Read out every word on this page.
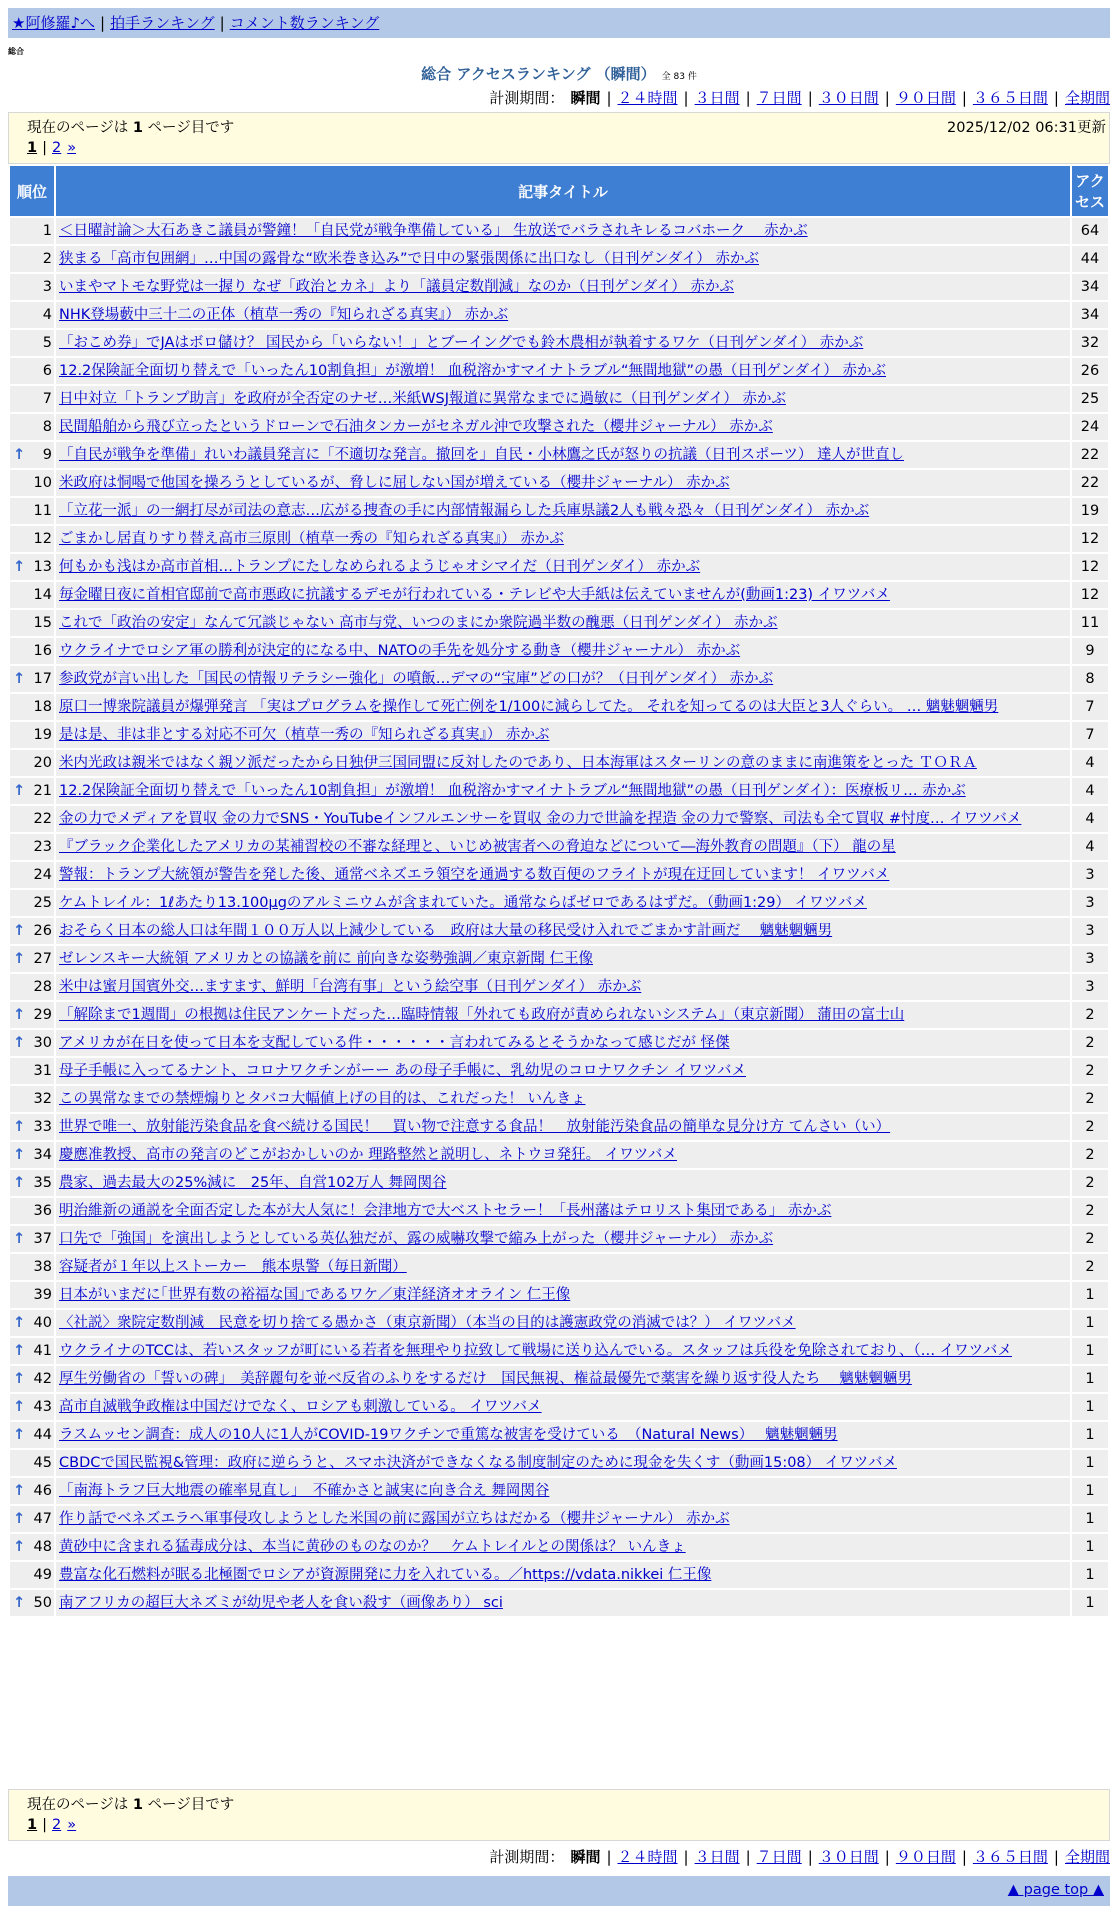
★阿修羅♪へ | 拍手ランキング | コメント数ランキング
総合
総合 アクセスランキング （瞬間） 全 83 件
計測期間： 瞬間 | ２４時間 | ３日間 | ７日間 | ３０日間 | ９０日間 | ３６５日間 | 全期間
現在のページは 1 ページ目です	2025/12/02 06:31更新
1 | 2 »
順位	記事タイトル	アクセス
1	＜日曜討論＞大石あきこ議員が警鐘！「自民党が戦争準備している」 生放送でバラされキレるコバホーク　 赤かぶ	64
2	狭まる「高市包囲網」…中国の露骨な“欧米巻き込み”で日中の緊張関係に出口なし（日刊ゲンダイ） 赤かぶ	44
3	いまやマトモな野党は一握り なぜ「政治とカネ」より「議員定数削減」なのか（日刊ゲンダイ） 赤かぶ	34
4	NHK登場藪中三十二の正体（植草一秀の『知られざる真実』） 赤かぶ	34
5	「おこめ券」でJAはボロ儲け？ 国民から「いらない！」とブーイングでも鈴木農相が執着するワケ（日刊ゲンダイ） 赤かぶ	32
6	12.2保険証全面切り替えで「いったん10割負担」が激増！ 血税溶かすマイナトラブル“無間地獄”の愚（日刊ゲンダイ） 赤かぶ	26
7	日中対立「トランプ助言」を政府が全否定のナゼ…米紙WSJ報道に異常なまでに過敏に（日刊ゲンダイ） 赤かぶ	25
8	民間船舶から飛び立ったというドローンで石油タンカーがセネガル沖で攻撃された（櫻井ジャーナル） 赤かぶ	24

↑ 9	「自民が戦争を準備」れいわ議員発言に「不適切な発言。撤回を」自民・小林鷹之氏が怒りの抗議（日刊スポーツ） 達人が世直し	22
10	米政府は恫喝で他国を操ろうとしているが、脅しに屈しない国が増えている（櫻井ジャーナル） 赤かぶ	22
11	「立花一派」の一網打尽が司法の意志…広がる捜査の手に内部情報漏らした兵庫県議2人も戦々恐々（日刊ゲンダイ） 赤かぶ	19
12	ごまかし居直りすり替え高市三原則（植草一秀の『知られざる真実』） 赤かぶ	12

↑ 13	何もかも浅はか高市首相…トランプにたしなめられるようじゃオシマイだ（日刊ゲンダイ） 赤かぶ	12
14	毎金曜日夜に首相官邸前で高市悪政に抗議するデモが行われている・テレビや大手紙は伝えていませんが(動画1:23) イワツバメ	12
15	これで「政治の安定」なんて冗談じゃない 高市与党、いつのまにか衆院過半数の醜悪（日刊ゲンダイ） 赤かぶ	11
16	ウクライナでロシア軍の勝利が決定的になる中、NATOの手先を処分する動き（櫻井ジャーナル） 赤かぶ	9

↑ 17	参政党が言い出した「国民の情報リテラシー強化」の噴飯…デマの“宝庫”どの口が？（日刊ゲンダイ） 赤かぶ	8
18	原口一博衆院議員が爆弾発言 「実はプログラムを操作して死亡例を1/100に減らしてた。 それを知ってるのは大臣と3人ぐらい。 … 魑魅魍魎男	7
19	是は是、非は非とする対応不可欠（植草一秀の『知られざる真実』） 赤かぶ	7
20	米内光政は親米ではなく親ソ派だったから日独伊三国同盟に反対したのであり、日本海軍はスターリンの意のままに南進策をとった ＴＯＲＡ	4

↑ 21	12.2保険証全面切り替えで「いったん10割負担」が激増！ 血税溶かすマイナトラブル“無間地獄”の愚（日刊ゲンダイ）：医療板リ… 赤かぶ	4
22	金の力でメディアを買収 金の力でSNS・YouTubeインフルエンサーを買収 金の力で世論を捏造 金の力で警察、司法も全て買収 #忖度… イワツバメ	4
23	『ブラック企業化したアメリカの某補習校の不審な経理と、いじめ被害者への脅迫などについて―海外教育の問題』（下） 龍の星	4
24	警報：トランプ大統領が警告を発した後、通常ベネズエラ領空を通過する数百便のフライトが現在迂回しています！ イワツバメ	3
25	ケムトレイル：1ℓあたり13.100μgのアルミニウムが含まれていた。通常ならばゼロであるはずだ。（動画1:29） イワツバメ	3

↑ 26	おそらく日本の総人口は年間１００万人以上減少している　政府は大量の移民受け入れでごまかす計画だ　 魑魅魍魎男	3

↑ 27	ゼレンスキー大統領 アメリカとの協議を前に 前向きな姿勢強調／東京新聞 仁王像	3
28	米中は蜜月国賓外交…ますます、鮮明「台湾有事」という絵空事（日刊ゲンダイ） 赤かぶ	3

↑ 29	「解除まで1週間」の根拠は住民アンケートだった…臨時情報「外れても政府が責められないシステム」（東京新聞） 蒲田の富士山	2

↑ 30	アメリカが在日を使って日本を支配している件・・・・・・言われてみるとそうかなって感じだが 怪傑	2
31	母子手帳に入ってるナント、コロナワクチンがーー あの母子手帳に、乳幼児のコロナワクチン イワツバメ	2
32	この異常なまでの禁煙煽りとタバコ大幅値上げの目的は、これだった！ いんきょ	2

↑ 33	世界で唯一、放射能汚染食品を食べ続ける国民！　買い物で注意する食品！　放射能汚染食品の簡単な見分け方 てんさい（い）	2

↑ 34	慶應准教授、高市の発言のどこがおかしいのか 理路整然と説明し、ネトウヨ発狂。 イワツバメ	2

↑ 35	農家、過去最大の25%減に　25年、自営102万人 舞岡関谷	2
36	明治維新の通説を全面否定した本が大人気に！会津地方で大ベストセラー！「長州藩はテロリスト集団である」 赤かぶ	2

↑ 37	口先で「強国」を演出しようとしている英仏独だが、露の威嚇攻撃で縮み上がった（櫻井ジャーナル） 赤かぶ	2
38	容疑者が１年以上ストーカー　熊本県警（毎日新聞）	2
39	日本がいまだに｢世界有数の裕福な国｣であるワケ／東洋経済オオライン 仁王像	1

↑ 40	〈社説〉衆院定数削減　民意を切り捨てる愚かさ（東京新聞）（本当の目的は護憲政党の消滅では？） イワツバメ	1

↑ 41	ウクライナのTCCは、若いスタッフが町にいる若者を無理やり拉致して戦場に送り込んでいる。スタッフは兵役を免除されており、（… イワツバメ	1

↑ 42	厚生労働省の「誓いの碑」　美辞麗句を並べ反省のふりをするだけ　国民無視、権益最優先で薬害を繰り返す役人たち　 魑魅魍魎男	1

↑ 43	高市自滅戦争政権は中国だけでなく、ロシアも刺激している。 イワツバメ	1

↑ 44	ラスムッセン調査：成人の10人に1人がCOVID-19ワクチンで重篤な被害を受けている　（Natural News）　 魑魅魍魎男	1
45	CBDCで国民監視&管理：政府に逆らうと、スマホ決済ができなくなる制度制定のために現金を失くす（動画15:08） イワツバメ	1

↑ 46	「南海トラフ巨大地震の確率見直し」　不確かさと誠実に向き合え 舞岡関谷	1

↑ 47	作り話でベネズエラへ軍事侵攻しようとした米国の前に露国が立ちはだかる（櫻井ジャーナル） 赤かぶ	1

↑ 48	黄砂中に含まれる猛毒成分は、本当に黄砂のものなのか？　ケムトレイルとの関係は？ いんきょ	1
49	豊富な化石燃料が眠る北極圏でロシアが資源開発に力を入れている。／https://vdata.nikkei 仁王像	1

↑ 50	南アフリカの超巨大ネズミが幼児や老人を食い殺す（画像あり） sci	1
現在のページは 1 ページ目です
1 | 2 »
計測期間： 瞬間 | ２４時間 | ３日間 | ７日間 | ３０日間 | ９０日間 | ３６５日間 | 全期間
▲ page top ▲
